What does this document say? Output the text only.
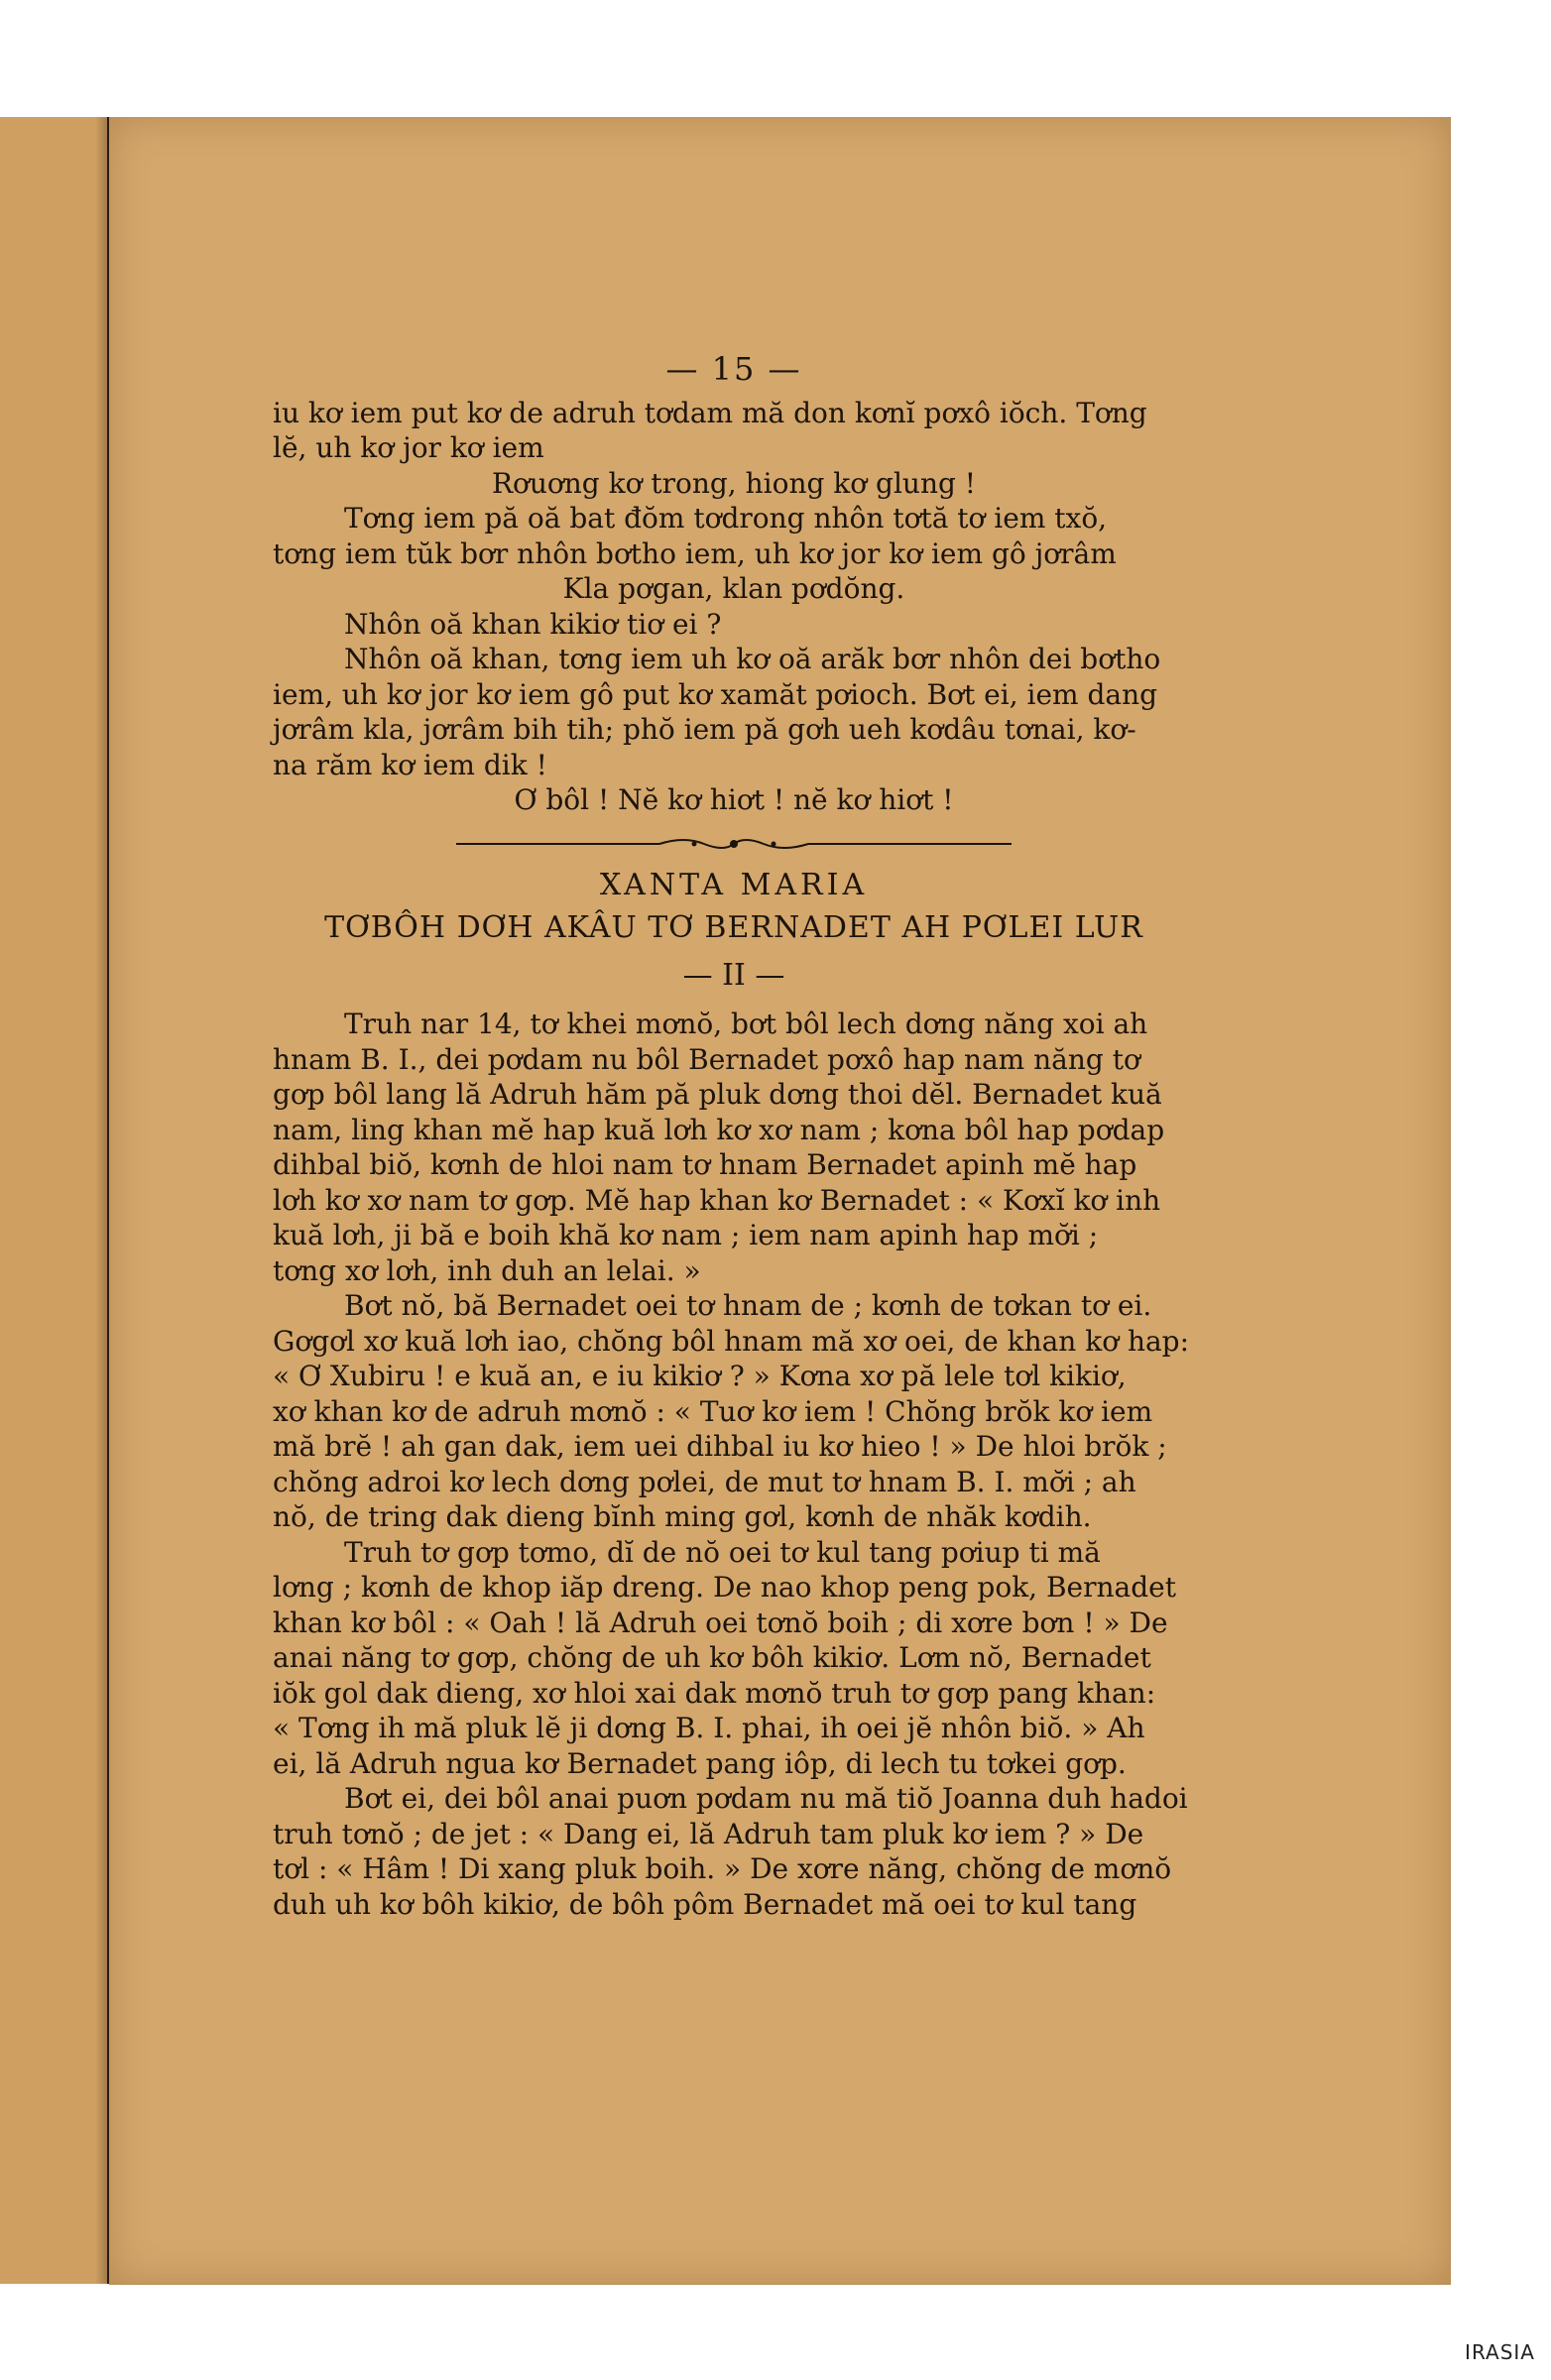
— 15 —

iu kơ iem put kơ de adruh tơdam mă don kơnĭ pơxô iŏch. Tơng
lĕ, uh kơ jor kơ iem

Rơuơng kơ trong, hiong kơ glung !

Tơng iem pă oă bat đŏm tơdrong nhôn tơtă tơ iem txŏ,
tơng iem tŭk bơr nhôn bơtho iem, uh kơ jor kơ iem gô jơrâm

Kla pơgan, klan pơdŏng.

Nhôn oă khan kikiơ tiơ ei ?

Nhôn oă khan, tơng iem uh kơ oă arăk bơr nhôn dei bơtho
iem, uh kơ jor kơ iem gô put kơ xamăt pơioch. Bơt ei, iem dang
jơrâm kla, jơrâm bih tih; phŏ iem pă gơh ueh kơdâu tơnai, kơ-
na răm kơ iem dik !

Ơ bôl ! Nĕ kơ hiơt ! nĕ kơ hiơt !
XANTA MARIA
TƠBÔH DƠH AKÂU TƠ BERNADET AH PƠLEI LUR
— II —

Truh nar 14, tơ khei mơnŏ, bơt bôl lech dơng năng xoi ah
hnam B. I., dei pơdam nu bôl Bernadet pơxô hap nam năng tơ
gơp bôl lang lă Adruh hăm pă pluk dơng thoi dĕl. Bernadet kuă
nam, ling khan mĕ hap kuă lơh kơ xơ nam ; kơna bôl hap pơdap
dihbal biŏ, kơnh de hloi nam tơ hnam Bernadet apinh mĕ hap
lơh kơ xơ nam tơ gơp. Mĕ hap khan kơ Bernadet : « Kơxĭ kơ inh
kuă lơh, ji bă e boih khă kơ nam ; iem nam apinh hap mơ̆i ;
tơng xơ lơh, inh duh an lelai. »

Bơt nŏ, bă Bernadet oei tơ hnam de ; kơnh de tơkan tơ ei.
Gơgơl xơ kuă lơh iao, chŏng bôl hnam mă xơ oei, de khan kơ hap:
« Ơ Xubiru ! e kuă an, e iu kikiơ ? » Kơna xơ pă lele tơl kikiơ,
xơ khan kơ de adruh mơnŏ : « Tuơ kơ iem ! Chŏng brŏk kơ iem
mă brĕ ! ah gan dak, iem uei dihbal iu kơ hieo ! » De hloi brŏk ;
chŏng adroi kơ lech dơng pơlei, de mut tơ hnam B. I. mơ̆i ; ah
nŏ, de tring dak dieng bĭnh ming gơl, kơnh de nhăk kơdih.

Truh tơ gơp tơmo, dĭ de nŏ oei tơ kul tang pơiup ti mă
lơng ; kơnh de khop iăp dreng. De nao khop peng pok, Bernadet
khan kơ bôl : « Oah ! lă Adruh oei tơnŏ boih ; di xơre bơn ! » De
anai năng tơ gơp, chŏng de uh kơ bôh kikiơ. Lơm nŏ, Bernadet
iŏk gol dak dieng, xơ hloi xai dak mơnŏ truh tơ gơp pang khan:
« Tơng ih mă pluk lĕ ji dơng B. I. phai, ih oei jĕ nhôn biŏ. » Ah
ei, lă Adruh ngua kơ Bernadet pang iôp, di lech tu tơkei gơp.

Bơt ei, dei bôl anai puơn pơdam nu mă tiŏ Joanna duh hadoi
truh tơnŏ ; de jet : « Dang ei, lă Adruh tam pluk kơ iem ? » De
tơl : « Hâm ! Di xang pluk boih. » De xơre năng, chŏng de mơnŏ
duh uh kơ bôh kikiơ, de bôh pôm Bernadet mă oei tơ kul tang

IRASIA
